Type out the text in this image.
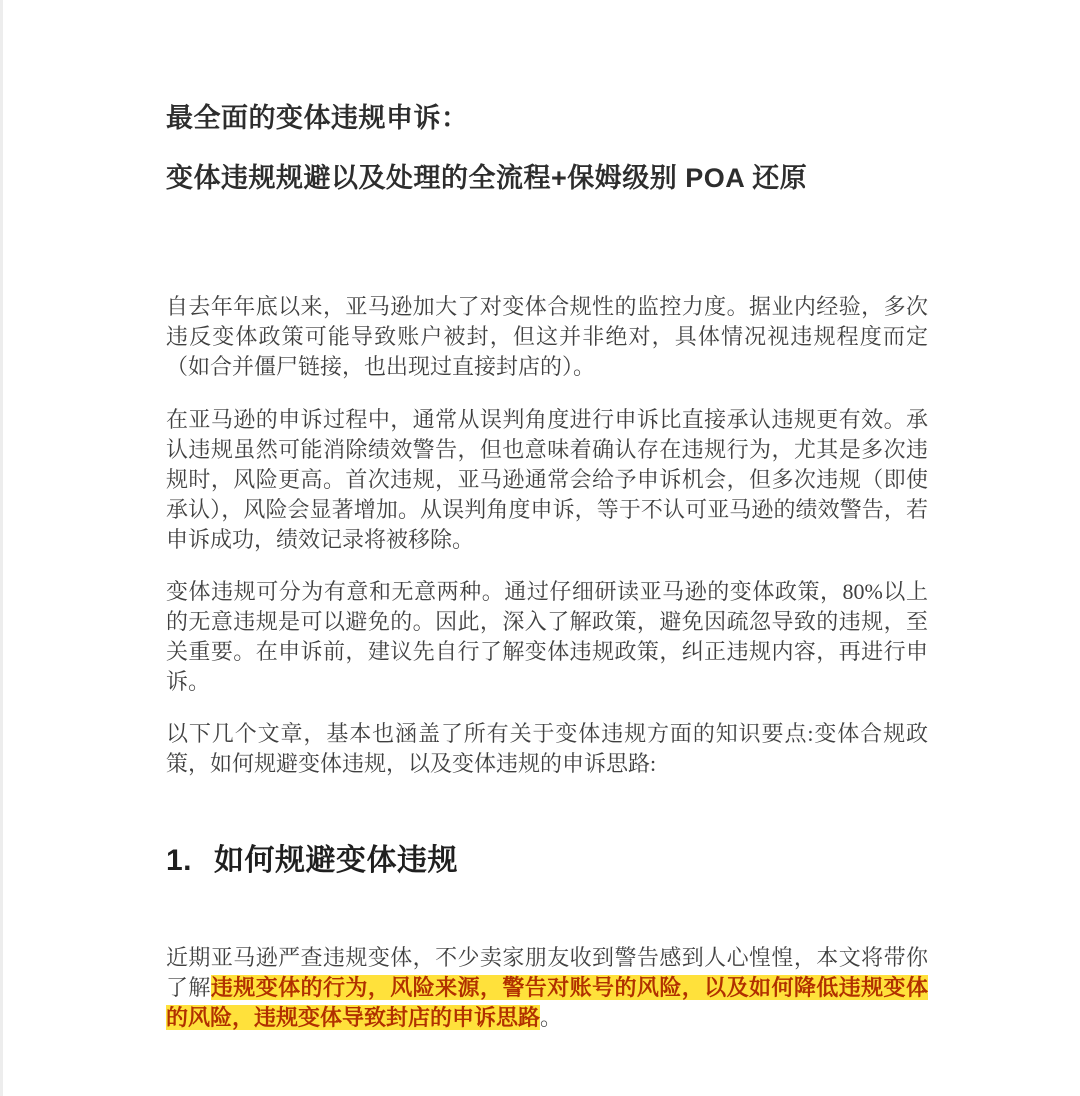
最全面的变体违规申诉：
变体违规规避以及处理的全流程+保姆级别 POA 还原

自去年年底以来，亚马逊加大了对变体合规性的监控力度。据业内经验，多次违反变体政策可能导致账户被封，但这并非绝对，具体情况视违规程度而定（如合并僵尸链接，也出现过直接封店的）。

在亚马逊的申诉过程中，通常从误判角度进行申诉比直接承认违规更有效。承认违规虽然可能消除绩效警告，但也意味着确认存在违规行为，尤其是多次违规时，风险更高。首次违规，亚马逊通常会给予申诉机会，但多次违规（即使承认），风险会显著增加。从误判角度申诉，等于不认可亚马逊的绩效警告，若申诉成功，绩效记录将被移除。

变体违规可分为有意和无意两种。通过仔细研读亚马逊的变体政策，80%以上的无意违规是可以避免的。因此，深入了解政策，避免因疏忽导致的违规，至关重要。在申诉前，建议先自行了解变体违规政策，纠正违规内容，再进行申诉。

以下几个文章，基本也涵盖了所有关于变体违规方面的知识要点:变体合规政策，如何规避变体违规，以及变体违规的申诉思路:

1. 如何规避变体违规

近期亚马逊严查违规变体，不少卖家朋友收到警告感到人心惶惶，本文将带你了解违规变体的行为，风险来源，警告对账号的风险，以及如何降低违规变体的风险，违规变体导致封店的申诉思路。
